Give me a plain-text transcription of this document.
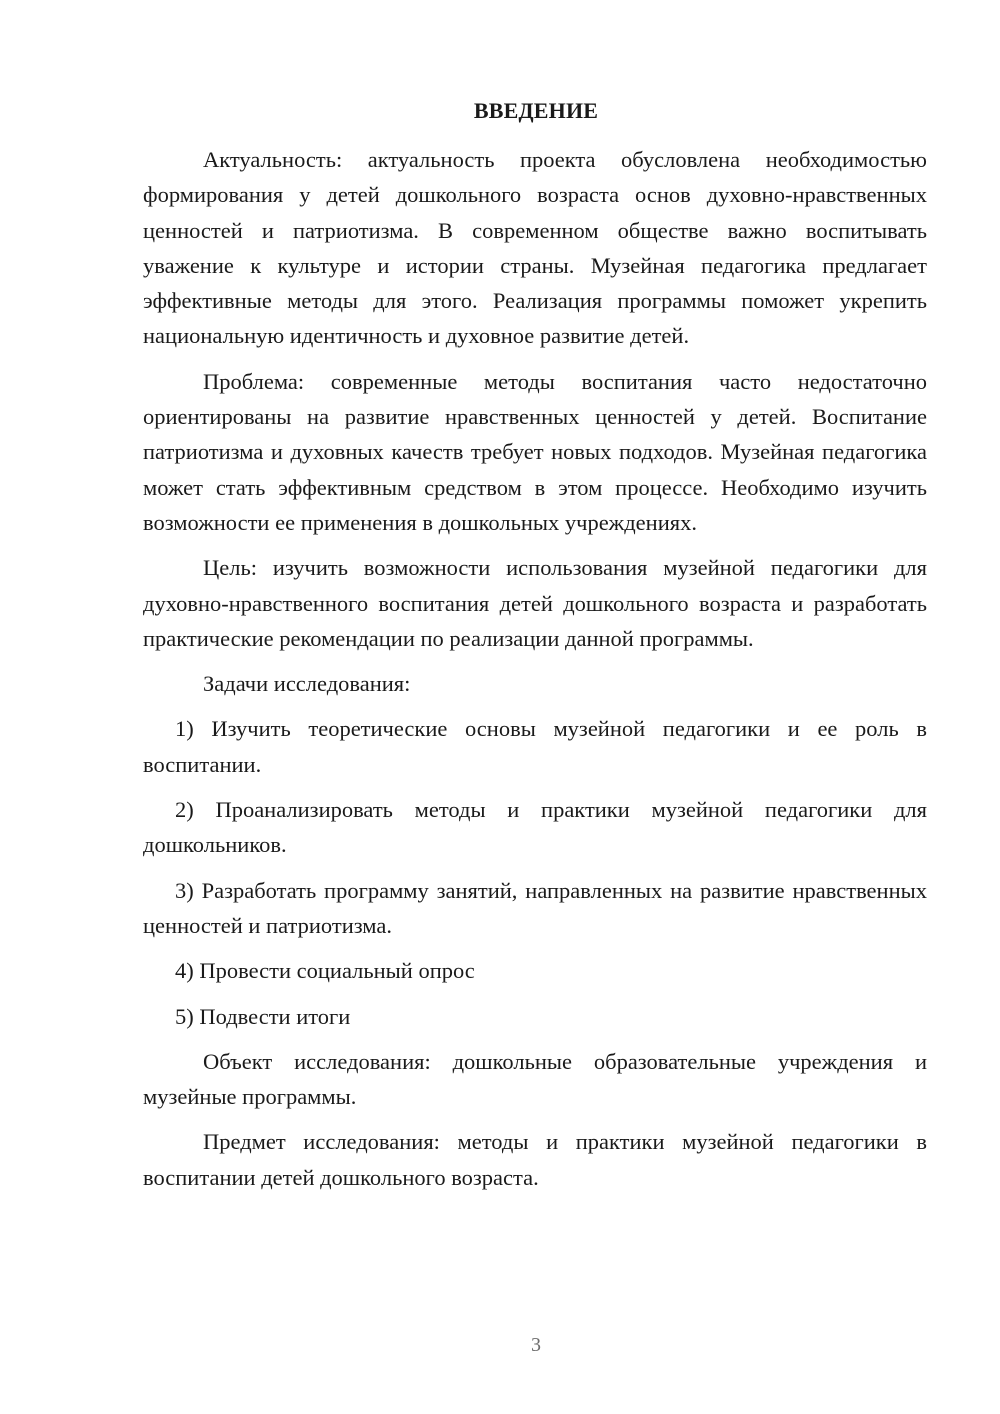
ВВЕДЕНИЕ

Актуальность: актуальность проекта обусловлена необходимостью формирования у детей дошкольного возраста основ духовно-нравственных ценностей и патриотизма. В современном обществе важно воспитывать уважение к культуре и истории страны. Музейная педагогика предлагает эффективные методы для этого. Реализация программы поможет укрепить национальную идентичность и духовное развитие детей.

Проблема: современные методы воспитания часто недостаточно ориентированы на развитие нравственных ценностей у детей. Воспитание патриотизма и духовных качеств требует новых подходов. Музейная педагогика может стать эффективным средством в этом процессе. Необходимо изучить возможности ее применения в дошкольных учреждениях.

Цель: изучить возможности использования музейной педагогики для духовно-нравственного воспитания детей дошкольного возраста и разработать практические рекомендации по реализации данной программы.

Задачи исследования:

1) Изучить теоретические основы музейной педагогики и ее роль в воспитании.

2) Проанализировать методы и практики музейной педагогики для дошкольников.

3) Разработать программу занятий, направленных на развитие нравственных ценностей и патриотизма.

4) Провести социальный опрос

5) Подвести итоги

Объект исследования: дошкольные образовательные учреждения и музейные программы.

Предмет исследования: методы и практики музейной педагогики в воспитании детей дошкольного возраста.

3
